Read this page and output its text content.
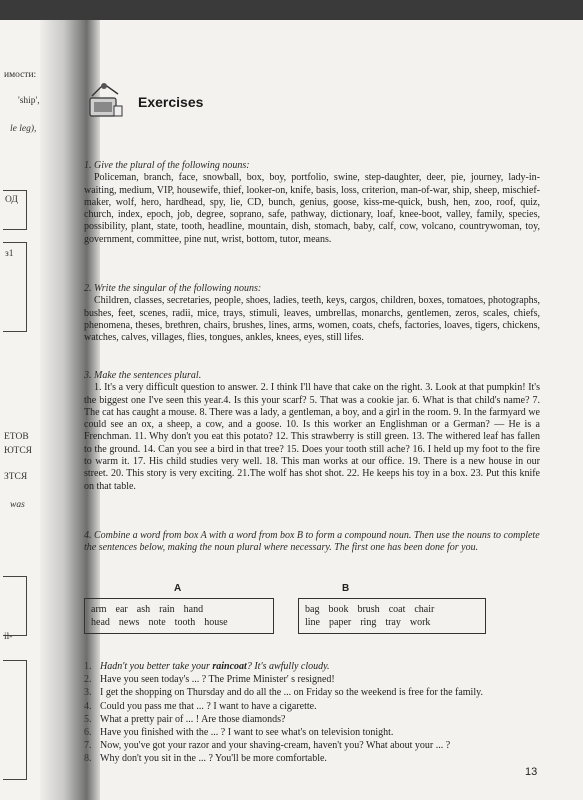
имости:
'ship',
le leg),
ОД
з1
ЕТОВ
ЮТСЯ
ЗТСЯ
was
il-
Exercises
1. Give the plural of the following nouns:
Policeman, branch, face, snowball, box, boy, portfolio, swine, step-daughter, deer, pie, journey, lady-in-waiting, medium, VIP, housewife, thief, looker-on, knife, basis, loss, criterion, man-of-war, ship, sheep, mischief-maker, wolf, hero, hardhead, spy, lie, CD, bunch, genius, goose, kiss-me-quick, bush, hen, zoo, roof, quiz, church, index, epoch, job, degree, soprano, safe, pathway, dictionary, loaf, knee-boot, valley, family, species, possibility, plant, state, tooth, headline, mountain, dish, stomach, baby, calf, cow, volcano, countrywoman, toy, government, committee, pine nut, wrist, bottom, tutor, means.
2. Write the singular of the following nouns:
Children, classes, secretaries, people, shoes, ladies, teeth, keys, cargos, children, boxes, tomatoes, photographs, bushes, feet, scenes, radii, mice, trays, stimuli, leaves, umbrellas, monarchs, gentlemen, zeros, scales, chiefs, phenomena, theses, brethren, chairs, brushes, lines, arms, women, coats, chefs, factories, loaves, tigers, chickens, watches, calves, villages, flies, tongues, ankles, knees, eyes, still lifes.
3. Make the sentences plural.
1. It's a very difficult question to answer. 2. I think I'll have that cake on the right. 3. Look at that pumpkin! It's the biggest one I've seen this year.4. Is this your scarf? 5. That was a cookie jar. 6. What is that child's name? 7. The cat has caught a mouse. 8. There was a lady, a gentleman, a boy, and a girl in the room. 9. In the farmyard we could see an ox, a sheep, a cow, and a goose. 10. Is this worker an Englishman or a German? — He is a Frenchman. 11. Why don't you eat this potato? 12. This strawberry is still green. 13. The withered leaf has fallen to the ground. 14. Can you see a bird in that tree? 15. Does your tooth still ache? 16. I held up my foot to the fire to warm it. 17. His child studies very well. 18. This man works at our office. 19. There is a new house in our street. 20. This story is very exciting. 21.The wolf has shot shot. 22. He keeps his toy in a box. 23. Put this knife on that table.
4. Combine a word from box A with a word from box B to form a compound noun. Then use the nouns to complete the sentences below, making the noun plural where necessary. The first one has been done for you.
A	B
arm ear ash rain hand
head news note tooth house
bag book brush coat chair
line paper ring tray work
1. Hadn't you better take your raincoat? It's awfully cloudy.
2. Have you seen today's ... ? The Prime Minister' s resigned!
3. I get the shopping on Thursday and do all the ... on Friday so the weekend is free for the family.
4. Could you pass me that ... ? I want to have a cigarette.
5. What a pretty pair of ... ! Are those diamonds?
6. Have you finished with the ... ? I want to see what's on television tonight.
7. Now, you've got your razor and your shaving-cream, haven't you? What about your ... ?
8. Why don't you sit in the ... ? You'll be more comfortable.
13
